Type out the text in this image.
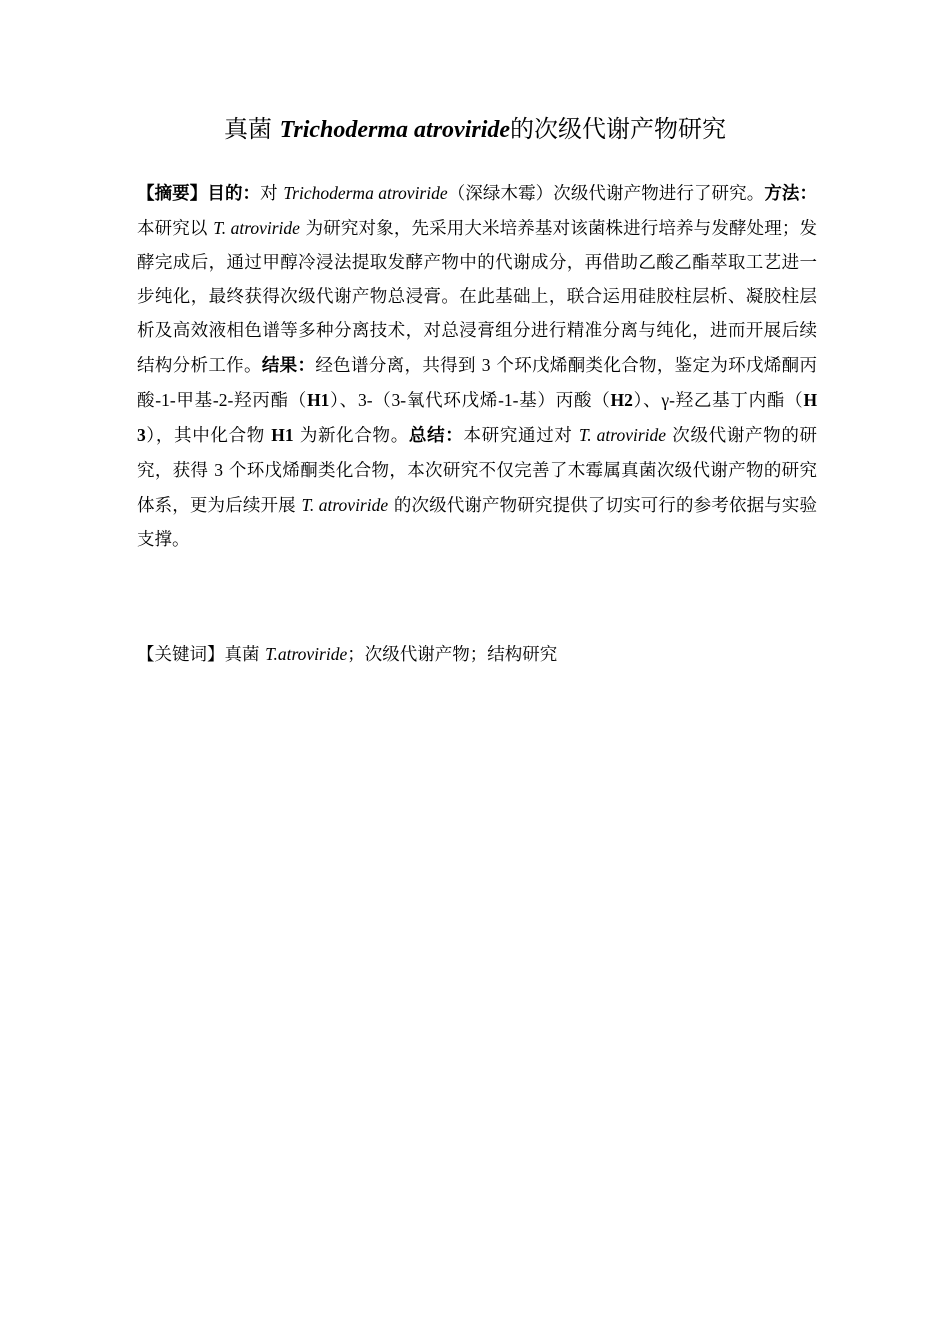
真菌 Trichoderma atroviride的次级代谢产物研究

【摘要】目的：对 Trichoderma atroviride（深绿木霉）次级代谢产物进行了研究。方法：本研究以 T. atroviride 为研究对象，先采用大米培养基对该菌株进行培养与发酵处理；发酵完成后，通过甲醇冷浸法提取发酵产物中的代谢成分，再借助乙酸乙酯萃取工艺进一步纯化，最终获得次级代谢产物总浸膏。在此基础上，联合运用硅胶柱层析、凝胶柱层析及高效液相色谱等多种分离技术，对总浸膏组分进行精准分离与纯化，进而开展后续结构分析工作。结果：经色谱分离，共得到 3 个环戊烯酮类化合物，鉴定为环戊烯酮丙酸-1-甲基-2-羟丙酯（H1）、3-（3-氧代环戊烯-1-基）丙酸（H2）、γ-羟乙基丁内酯（H3），其中化合物 H1 为新化合物。总结：本研究通过对 T. atroviride 次级代谢产物的研究，获得 3 个环戊烯酮类化合物，本次研究不仅完善了木霉属真菌次级代谢产物的研究体系，更为后续开展 T. atroviride 的次级代谢产物研究提供了切实可行的参考依据与实验支撑。

【关键词】真菌 T.atroviride；次级代谢产物；结构研究
